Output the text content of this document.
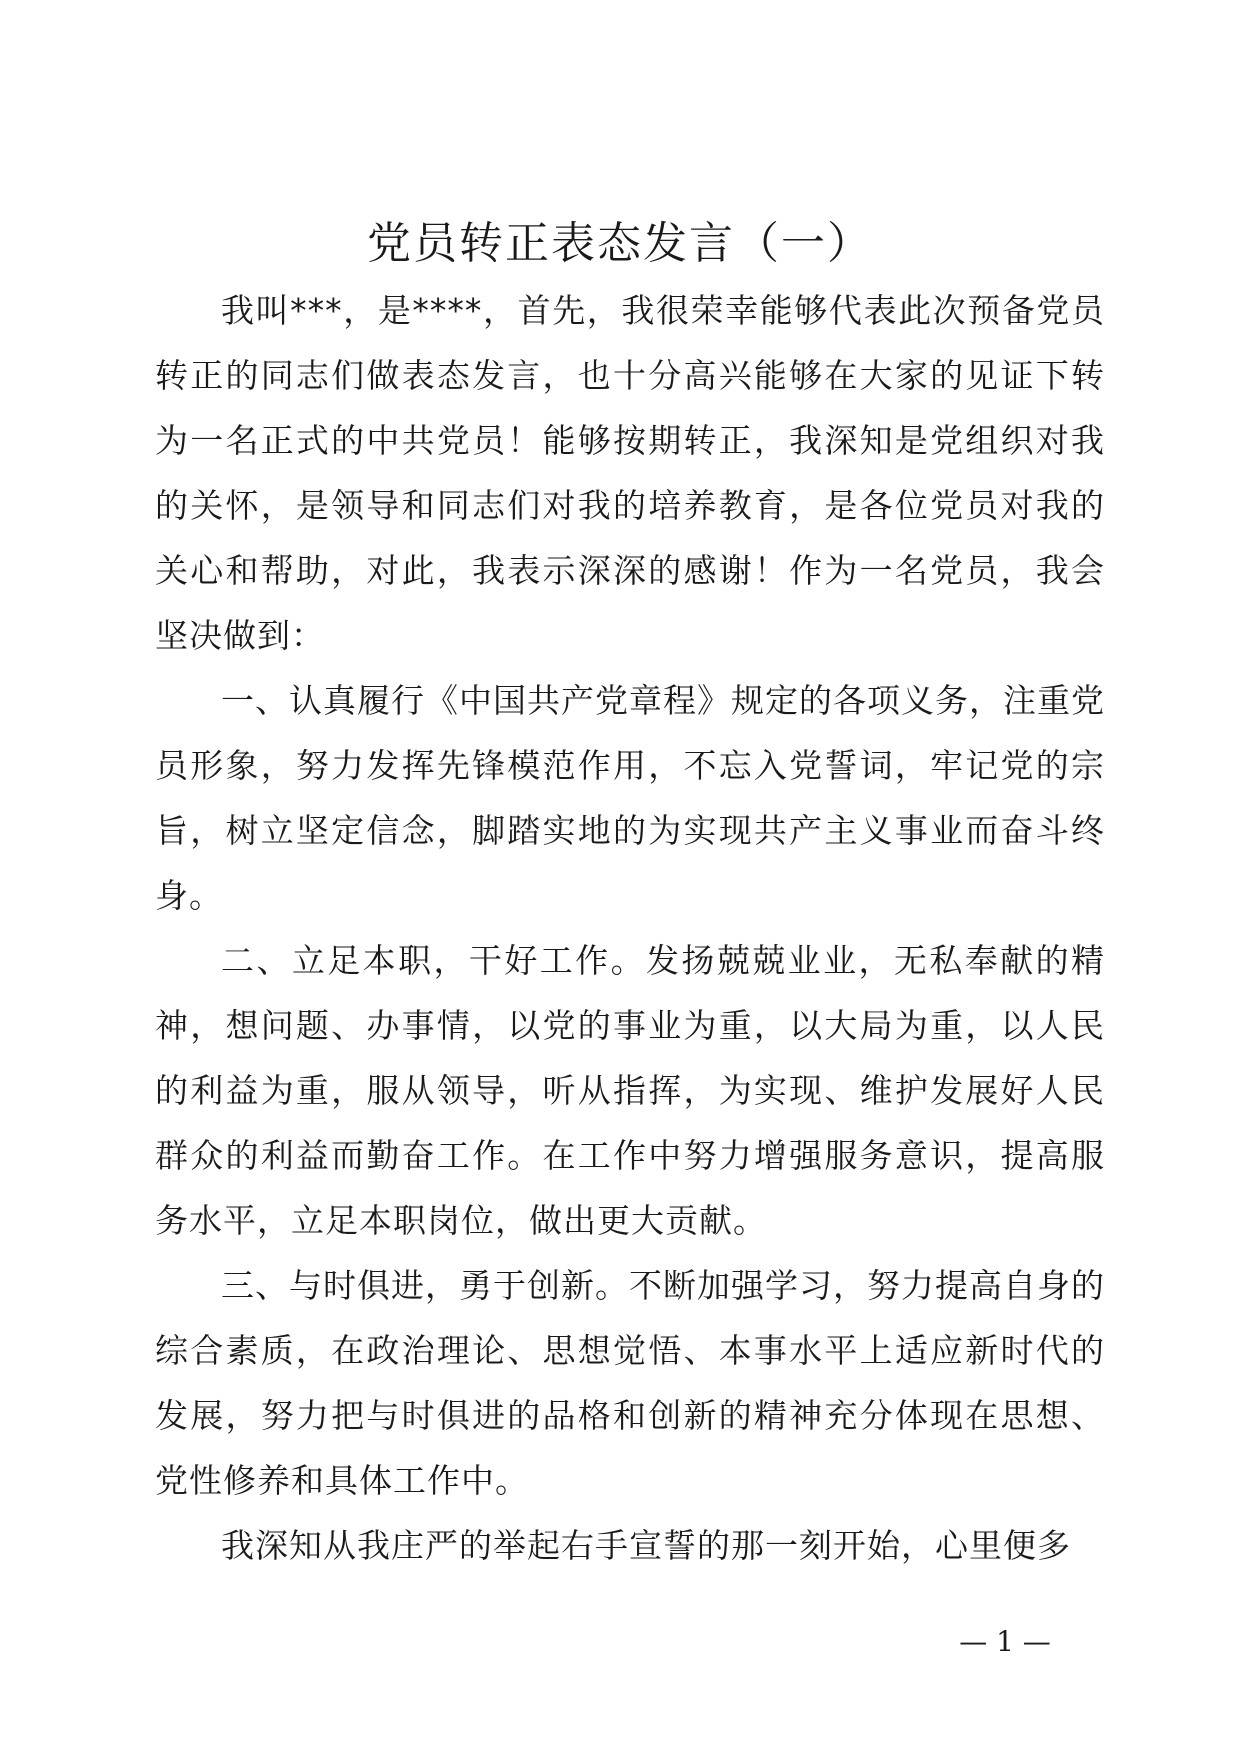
党员转正表态发言（一）

我叫***，是****，首先，我很荣幸能够代表此次预备党员转正的同志们做表态发言，也十分高兴能够在大家的见证下转为一名正式的中共党员！能够按期转正，我深知是党组织对我的关怀，是领导和同志们对我的培养教育，是各位党员对我的关心和帮助，对此，我表示深深的感谢！作为一名党员，我会坚决做到：

一、认真履行《中国共产党章程》规定的各项义务，注重党员形象，努力发挥先锋模范作用，不忘入党誓词，牢记党的宗旨，树立坚定信念，脚踏实地的为实现共产主义事业而奋斗终身。

二、立足本职，干好工作。发扬兢兢业业，无私奉献的精神，想问题、办事情，以党的事业为重，以大局为重，以人民的利益为重，服从领导，听从指挥，为实现、维护发展好人民群众的利益而勤奋工作。在工作中努力增强服务意识，提高服务水平，立足本职岗位，做出更大贡献。

三、与时俱进，勇于创新。不断加强学习，努力提高自身的综合素质，在政治理论、思想觉悟、本事水平上适应新时代的发展，努力把与时俱进的品格和创新的精神充分体现在思想、党性修养和具体工作中。

我深知从我庄严的举起右手宣誓的那一刻开始，心里便多

— 1 —
